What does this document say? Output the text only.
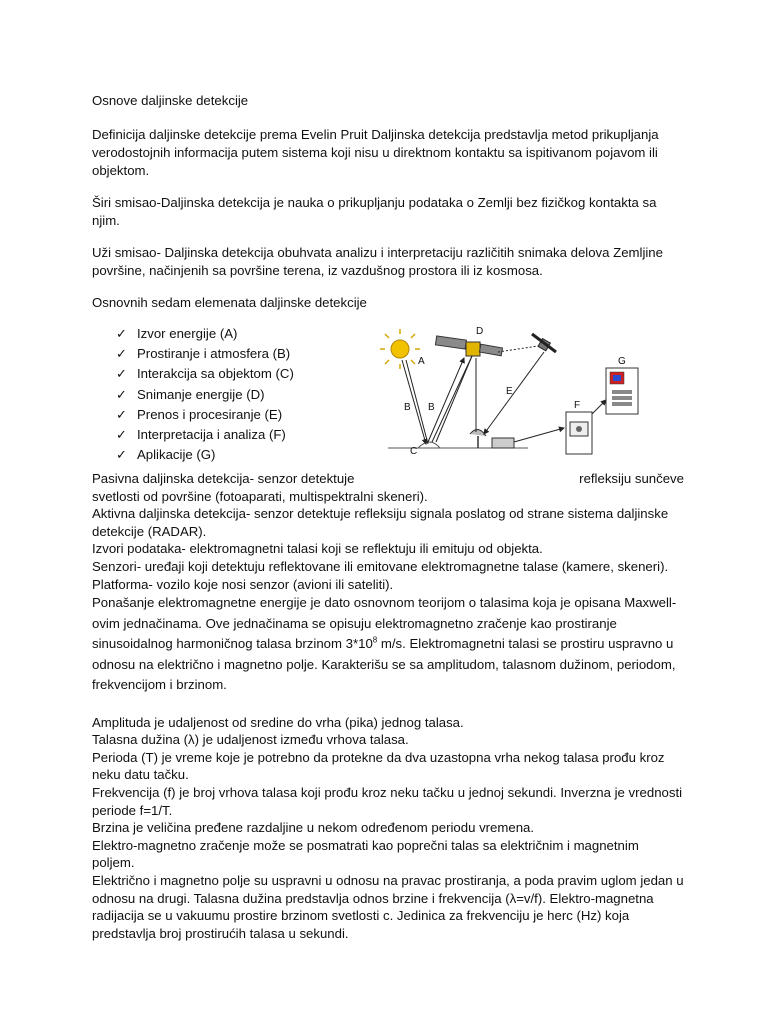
Osnove daljinske detekcije

Definicija daljinske detekcije prema Evelin Pruit Daljinska detekcija predstavlja metod prikupljanja verodostojnih informacija putem sistema koji nisu u direktnom kontaktu sa ispitivanom pojavom ili objektom.

Širi smisao-Daljinska detekcija je nauka o prikupljanju podataka o Zemlji bez fizičkog kontakta sa njim.

Uži smisao- Daljinska detekcija obuhvata analizu i interpretaciju različitih snimaka delova Zemljine površine, načinjenih sa površine terena, iz vazdušnog prostora ili iz kosmosa.

Osnovnih sedam elemenata daljinske detekcije

✓ Izvor energije (A)
✓ Prostiranje i atmosfera (B)
✓ Interakcija sa objektom (C)
✓ Snimanje energije (D)
✓ Prenos i procesiranje (E)
✓ Interpretacija i analiza (F)
✓ Aplikacije (G)
A
D
B B
C
E
F
G

Pasivna daljinska detekcija- senzor detektuje	refleksiju sunčeve

svetlosti od površine (fotoaparati, multispektralni skeneri).

Aktivna daljinska detekcija- senzor detektuje refleksiju signala poslatog od strane sistema daljinske detekcije (RADAR).

Izvori podataka- elektromagnetni talasi koji se reflektuju ili emituju od objekta.

Senzori- uređaji koji detektuju reflektovane ili emitovane elektromagnetne talase (kamere, skeneri).

Platforma- vozilo koje nosi senzor (avioni ili sateliti).

Ponašanje elektromagnetne energije je dato osnovnom teorijom o talasima koja je opisana Maxwell-ovim jednačinama. Ove jednačinama se opisuju elektromagnetno zračenje kao prostiranje sinusoidalnog harmoničnog talasa brzinom $3*10^8$ m/s. Elektromagnetni talasi se prostiru uspravno u odnosu na električno i magnetno polje. Karakterišu se sa amplitudom, talasnom dužinom, periodom, frekvencijom i brzinom.

Amplituda je udaljenost od sredine do vrha (pika) jednog talasa.

Talasna dužina (λ) je udaljenost između vrhova talasa.

Perioda (T) je vreme koje je potrebno da protekne da dva uzastopna vrha nekog talasa prođu kroz neku datu tačku.

Frekvencija (f) je broj vrhova talasa koji prođu kroz neku tačku u jednoj sekundi. Inverzna je vrednosti periode f=1/T.

Brzina je veličina pređene razdaljine u nekom određenom periodu vremena.

Elektro-magnetno zračenje može se posmatrati kao poprečni talas sa električnim i magnetnim poljem.

Električno i magnetno polje su uspravni u odnosu na pravac prostiranja, a poda pravim uglom jedan u odnosu na drugi. Talasna dužina predstavlja odnos brzine i frekvencija (λ=v/f). Elektro-magnetna radijacija se u vakuumu prostire brzinom svetlosti c. Jedinica za frekvenciju je herc (Hz) koja predstavlja broj prostirućih talasa u sekundi.
